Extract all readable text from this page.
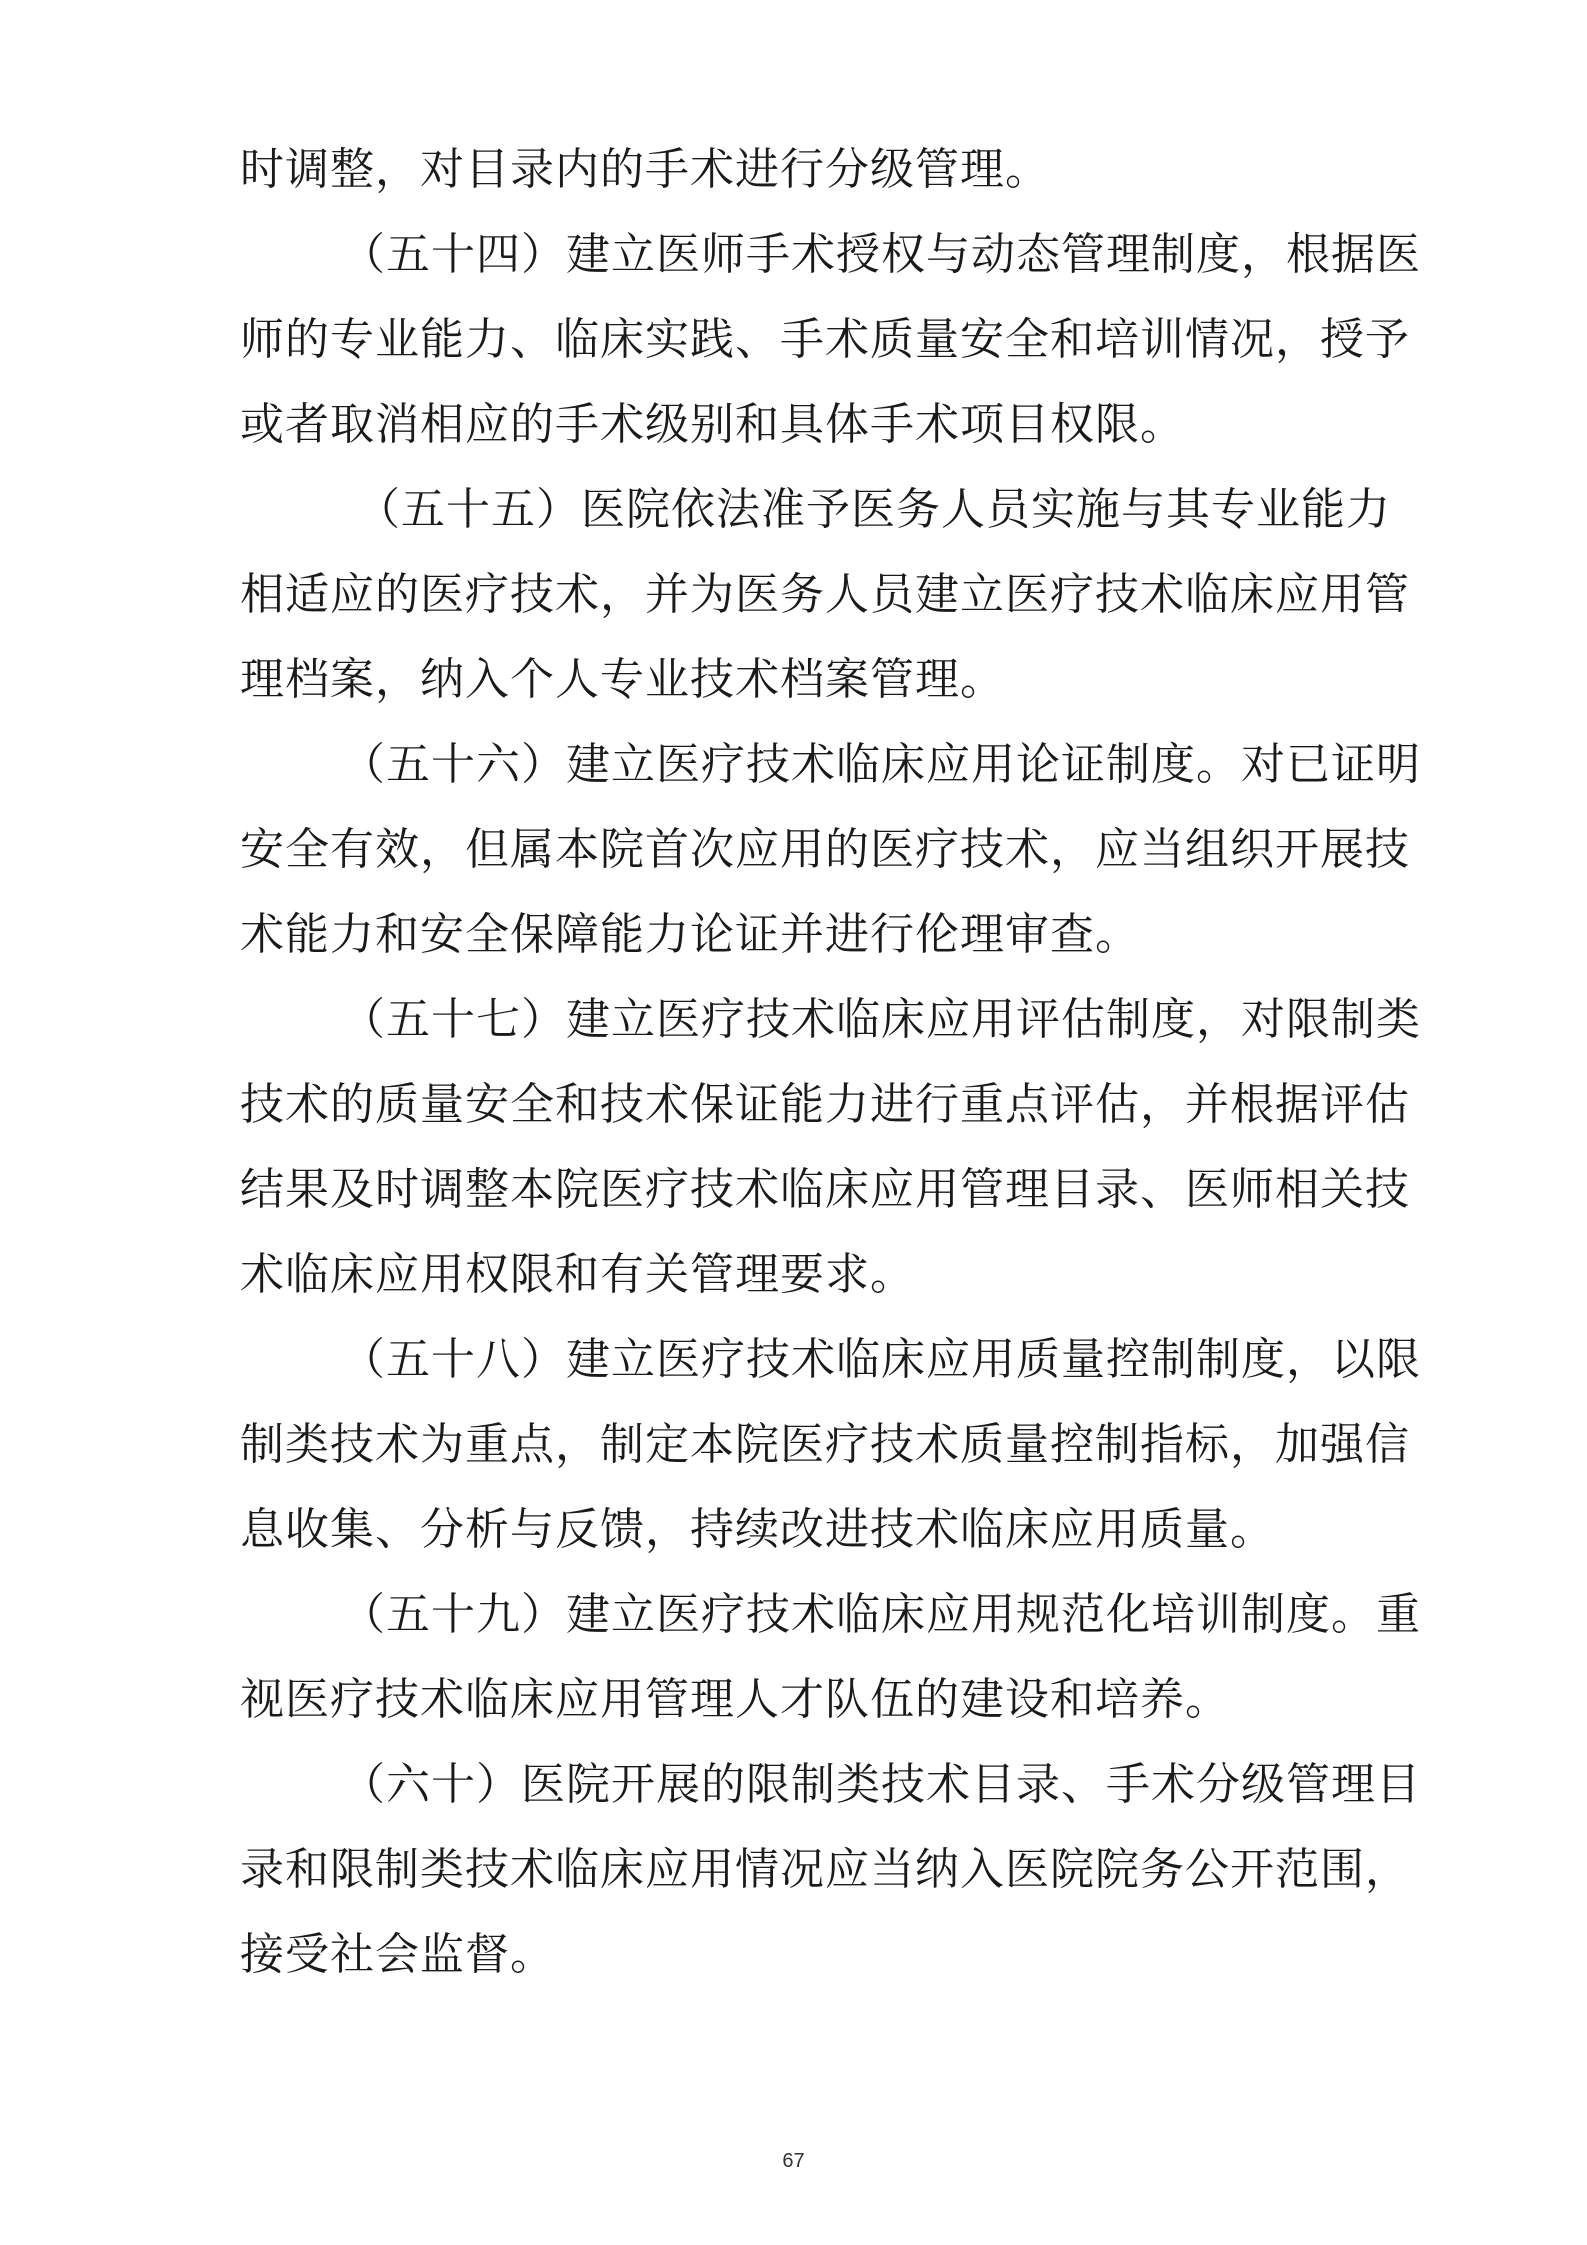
时调整，对目录内的手术进行分级管理。
（五十四）建立医师手术授权与动态管理制度，根据医
师的专业能力、临床实践、手术质量安全和培训情况，授予
或者取消相应的手术级别和具体手术项目权限。
（五十五）医院依法准予医务人员实施与其专业能力
相适应的医疗技术，并为医务人员建立医疗技术临床应用管
理档案，纳入个人专业技术档案管理。
（五十六）建立医疗技术临床应用论证制度。对已证明
安全有效，但属本院首次应用的医疗技术，应当组织开展技
术能力和安全保障能力论证并进行伦理审查。
（五十七）建立医疗技术临床应用评估制度，对限制类
技术的质量安全和技术保证能力进行重点评估，并根据评估
结果及时调整本院医疗技术临床应用管理目录、医师相关技
术临床应用权限和有关管理要求。
（五十八）建立医疗技术临床应用质量控制制度，以限
制类技术为重点，制定本院医疗技术质量控制指标，加强信
息收集、分析与反馈，持续改进技术临床应用质量。
（五十九）建立医疗技术临床应用规范化培训制度。重
视医疗技术临床应用管理人才队伍的建设和培养。
（六十）医院开展的限制类技术目录、手术分级管理目
录和限制类技术临床应用情况应当纳入医院院务公开范围，
接受社会监督。
67
